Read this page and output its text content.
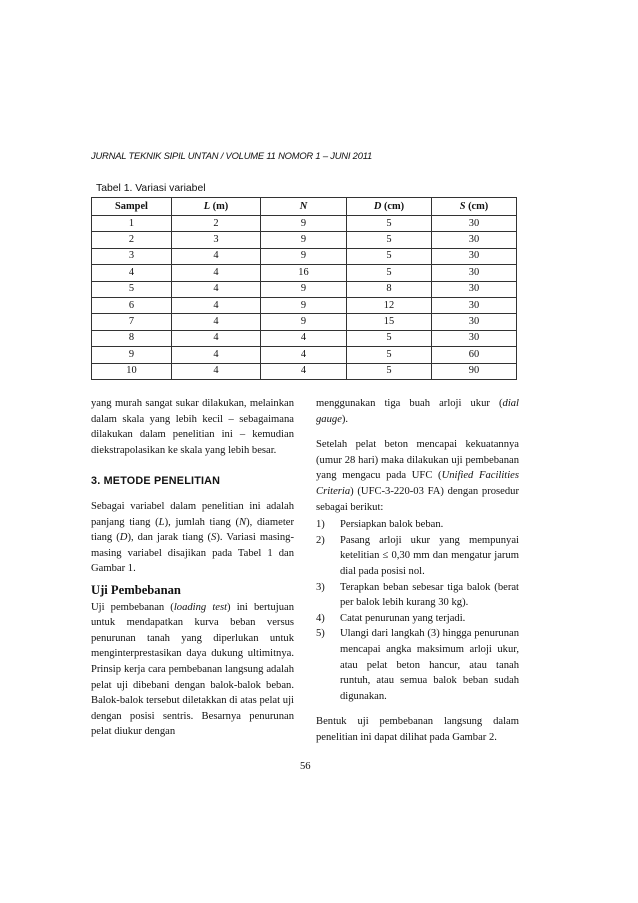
JURNAL TEKNIK SIPIL UNTAN / VOLUME 11 NOMOR 1 – JUNI 2011
Tabel 1. Variasi variabel
Sampel	L (m)	N	D (cm)	S (cm)
1	2	9	5	30
2	3	9	5	30
3	4	9	5	30
4	4	16	5	30
5	4	9	8	30
6	4	9	12	30
7	4	9	15	30
8	4	4	5	30
9	4	4	5	60
10	4	4	5	90

yang murah sangat sukar dilakukan, melainkan dalam skala yang lebih kecil – sebagaimana dilakukan dalam penelitian ini – kemudian diekstrapolasikan ke skala yang lebih besar.

3. METODE PENELITIAN

Sebagai variabel dalam penelitian ini adalah panjang tiang (L), jumlah tiang (N), diameter tiang (D), dan jarak tiang (S). Variasi masing-masing variabel disajikan pada Tabel 1 dan Gambar 1.

Uji Pembebanan

Uji pembebanan (loading test) ini bertujuan untuk mendapatkan kurva beban versus penurunan tanah yang diperlukan untuk menginterprestasikan daya dukung ultimitnya. Prinsip kerja cara pembebanan langsung adalah pelat uji dibebani dengan balok-balok beban. Balok-balok tersebut diletakkan di atas pelat uji dengan posisi sentris. Besarnya penurunan pelat diukur dengan

menggunakan tiga buah arloji ukur (dial gauge).

Setelah pelat beton mencapai kekuatannya (umur 28 hari) maka dilakukan uji pembebanan yang mengacu pada UFC (Unified Facilities Criteria) (UFC-3-220-03 FA) dengan prosedur sebagai berikut:

1) Persiapkan balok beban.
2) Pasang arloji ukur yang mempunyai ketelitian ≤ 0,30 mm dan mengatur jarum dial pada posisi nol.
3) Terapkan beban sebesar tiga balok (berat per balok lebih kurang 30 kg).
4) Catat penurunan yang terjadi.
5) Ulangi dari langkah (3) hingga penurunan mencapai angka maksimum arloji ukur, atau pelat beton hancur, atau tanah runtuh, atau semua balok beban sudah digunakan.

Bentuk uji pembebanan langsung dalam penelitian ini dapat dilihat pada Gambar 2.

56
